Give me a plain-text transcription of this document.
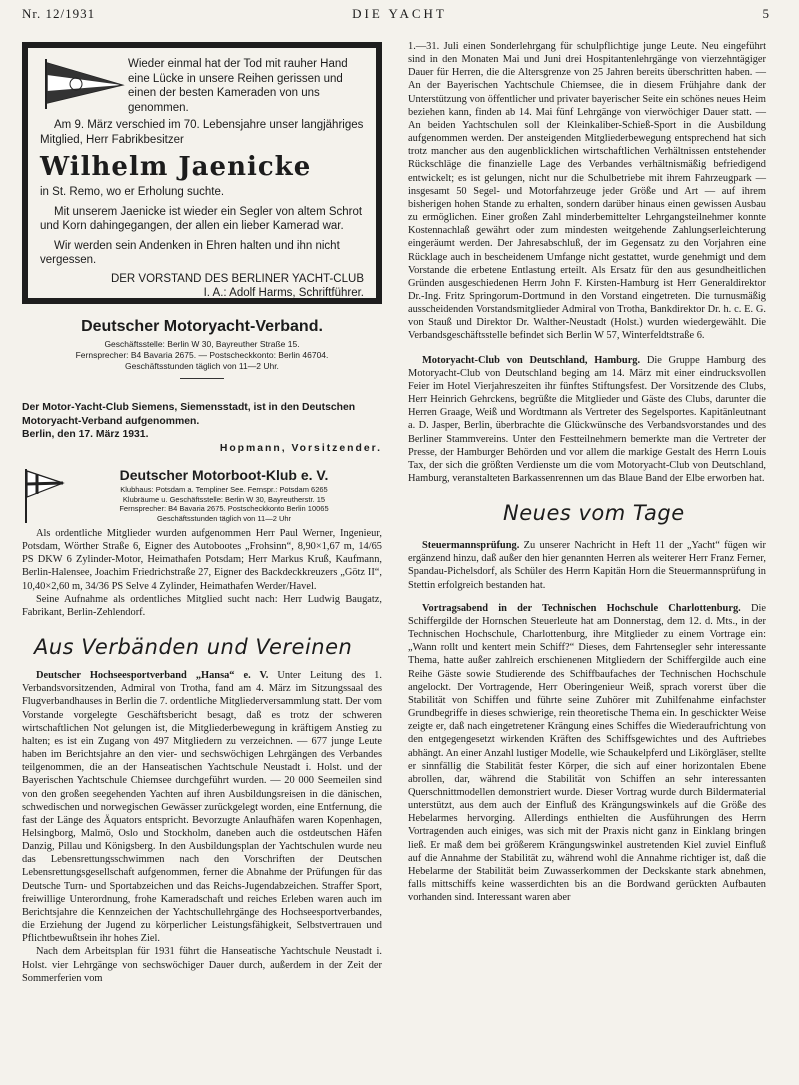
Nr. 12/1931	DIE YACHT	5

Wieder einmal hat der Tod mit rauher Hand eine Lücke in unsere Reihen gerissen und einen der besten Kameraden von uns genommen.

Am 9. März verschied im 70. Lebensjahre unser langjähriges Mitglied, Herr Fabrikbesitzer

Wilhelm Jaenicke

in St. Remo, wo er Erholung suchte.

Mit unserem Jaenicke ist wieder ein Segler von altem Schrot und Korn dahingegangen, der allen ein lieber Kamerad war.

Wir werden sein Andenken in Ehren halten und ihn nicht vergessen.

DER VORSTAND DES BERLINER YACHT-CLUB

I. A.: Adolf Harms, Schriftführer.

Deutscher Motoryacht-Verband.
Geschäftsstelle: Berlin W 30, Bayreuther Straße 15.
Fernsprecher: B4 Bavaria 2675. — Postscheckkonto: Berlin 46704.
Geschäftsstunden täglich von 11—2 Uhr.
Der Motor-Yacht-Club Siemens, Siemensstadt, ist in den Deutschen Motoryacht-Verband aufgenommen.
Berlin, den 17. März 1931.
Hopmann, Vorsitzender.
Deutscher Motorboot-Klub e. V.
Klubhaus: Potsdam a. Templiner See. Fernspr.: Potsdam 6265
Klubräume u. Geschäftsstelle: Berlin W 30, Bayreutherstr. 15
Fernsprecher: B4 Bavaria 2675. Postscheckkonto Berlin 10065
Geschäftsstunden täglich von 11—2 Uhr

Als ordentliche Mitglieder wurden aufgenommen Herr Paul Werner, Ingenieur, Potsdam, Wörther Straße 6, Eigner des Autobootes „Frohsinn“, 8,90×1,67 m, 14/65 PS DKW 6 Zylinder-Motor, Heimathafen Potsdam; Herr Markus Kruß, Kaufmann, Berlin-Halensee, Joachim Friedrichstraße 27, Eigner des Backdeckkreuzers „Götz II“, 10,40×2,60 m, 34/36 PS Selve 4 Zylinder, Heimathafen Werder/Havel.

Seine Aufnahme als ordentliches Mitglied sucht nach: Herr Ludwig Baugatz, Fabrikant, Berlin-Zehlendorf.

Aus Verbänden und Vereinen

Deutscher Hochseesportverband „Hansa“ e. V. Unter Leitung des 1. Verbandsvorsitzenden, Admiral von Trotha, fand am 4. März im Sitzungssaal des Flugverbandhauses in Berlin die 7. ordentliche Mitgliederversammlung statt. Der vom Vorstande vorgelegte Geschäftsbericht besagt, daß es trotz der schweren wirtschaftlichen Not gelungen ist, die Mitgliederbewegung in kräftigem Anstieg zu halten; es ist ein Zugang von 497 Mitgliedern zu verzeichnen. — 677 junge Leute haben im Berichtsjahre an den vier- und sechswöchigen Lehrgängen des Verbandes teilgenommen, die an der Hanseatischen Yachtschule Neustadt i. Holst. und der Bayerischen Yachtschule Chiemsee durchgeführt wurden. — 20 000 Seemeilen sind von den großen seegehenden Yachten auf ihren Ausbildungsreisen in die dänischen, schwedischen und norwegischen Gewässer zurückgelegt worden, eine Entfernung, die fast der Länge des Äquators entspricht. Bevorzugte Anlaufhäfen waren Kopenhagen, Helsingborg, Malmö, Oslo und Stockholm, daneben auch die ostdeutschen Häfen Danzig, Pillau und Königsberg. In den Ausbildungsplan der Yachtschulen wurde neu das Lebensrettungsschwimmen nach den Vorschriften der Deutschen Lebensrettungsgesellschaft aufgenommen, ferner die Abnahme der Prüfungen für das Deutsche Turn- und Sportabzeichen und das Reichs-Jugendabzeichen. Straffer Sport, freiwillige Unterordnung, frohe Kameradschaft und reiches Erleben waren auch im Berichtsjahre die Kennzeichen der Yachtschullehrgänge des Hochseesportverbandes, die Erziehung der Jugend zu körperlicher Leistungsfähigkeit, Selbstvertrauen und Pflichtbewußtsein ihr hohes Ziel.

Nach dem Arbeitsplan für 1931 führt die Hanseatische Yachtschule Neustadt i. Holst. vier Lehrgänge von sechswöchiger Dauer durch, außerdem in der Zeit der Sommerferien vom

1.—31. Juli einen Sonderlehrgang für schulpflichtige junge Leute. Neu eingeführt sind in den Monaten Mai und Juni drei Hospitantenlehrgänge von vierzehntägiger Dauer für Herren, die die Altersgrenze von 25 Jahren bereits überschritten haben. — An der Bayerischen Yachtschule Chiemsee, die in diesem Frühjahre dank der Unterstützung von öffentlicher und privater bayerischer Seite ein schönes neues Heim beziehen kann, finden ab 14. Mai fünf Lehrgänge von vierwöchiger Dauer statt. — An beiden Yachtschulen soll der Kleinkaliber-Schieß-Sport in die Ausbildung aufgenommen werden. Der ansteigenden Mitgliederbewegung entsprechend hat sich trotz mancher aus den augenblicklichen wirtschaftlichen Verhältnissen entstehender Rückschläge die finanzielle Lage des Verbandes verhältnismäßig befriedigend entwickelt; es ist gelungen, nicht nur die Schulbetriebe mit ihrem Fahrzeugpark — insgesamt 50 Segel- und Motorfahrzeuge jeder Größe und Art — auf ihrem bisherigen hohen Stande zu erhalten, sondern darüber hinaus einen gewissen Ausbau zu ermöglichen. Einer großen Zahl minderbemittelter Lehrgangsteilnehmer konnte Kostennachlaß gewährt oder zum mindesten weitgehende Zahlungserleichterung eingeräumt werden. Der Jahresabschluß, der im Gegensatz zu den Vorjahren eine Rücklage auch in bescheidenem Umfange nicht gestattet, wurde genehmigt und dem Vorstande die erbetene Entlastung erteilt. Als Ersatz für den aus gesundheitlichen Gründen ausgeschiedenen Herrn John F. Kirsten-Hamburg ist Herr Generaldirektor Dr.-Ing. Fritz Springorum-Dortmund in den Vorstand eingetreten. Die turnusmäßig ausscheidenden Vorstandsmitglieder Admiral von Trotha, Bankdirektor Dr. h. c. E. G. von Stauß und Direktor Dr. Walther-Neustadt (Holst.) wurden wiedergewählt. Die Verbandsgeschäftsstelle befindet sich Berlin W 57, Winterfeldtstraße 6.

Motoryacht-Club von Deutschland, Hamburg. Die Gruppe Hamburg des Motoryacht-Club von Deutschland beging am 14. März mit einer eindrucksvollen Feier im Hotel Vierjahreszeiten ihr fünftes Stiftungsfest. Der Vorsitzende des Clubs, Herr Heinrich Gehrckens, begrüßte die Mitglieder und Gäste des Clubs, darunter die Herren Graage, Weiß und Wordtmann als Vertreter des Segelsportes. Kapitänleutnant a. D. Jasper, Berlin, überbrachte die Glückwünsche des Verbandsvorstandes und des Berliner Stammvereins. Unter den Festteilnehmern bemerkte man die Vertreter der Presse, der Hamburger Behörden und vor allem die markige Gestalt des Herrn Louis Tax, der sich die größten Verdienste um die vom Motoryacht-Club von Deutschland, Hamburg, veranstalteten Barkassenrennen um das Blaue Band der Elbe erworben hat.

Neues vom Tage

Steuermannsprüfung. Zu unserer Nachricht in Heft 11 der „Yacht“ fügen wir ergänzend hinzu, daß außer den hier genannten Herren als weiterer Herr Franz Ferner, Spandau-Pichelsdorf, als Schüler des Herrn Kapitän Horn die Steuermannsprüfung in Stettin erfolgreich bestanden hat.

Vortragsabend in der Technischen Hochschule Charlottenburg. Die Schiffergilde der Hornschen Steuerleute hat am Donnerstag, dem 12. d. Mts., in der Technischen Hochschule, Charlottenburg, ihre Mitglieder zu einem Vortrage ein: „Wann rollt und kentert mein Schiff?“ Dieses, dem Fahrtensegler sehr interessante Thema, hatte außer zahlreich erschienenen Mitgliedern der Schiffergilde auch eine Reihe Gäste sowie Studierende des Schiffbaufaches der Technischen Hochschule angelockt. Der Vortragende, Herr Oberingenieur Weiß, sprach vorerst über die Stabilität von Schiffen und führte seine Zuhörer mit Zuhilfenahme einfachster Grundbegriffe in dieses schwierige, rein theoretische Thema ein. In geschickter Weise zeigte er, daß nach eingetretener Krängung eines Schiffes die Wiederaufrichtung von den entgegengesetzt wirkenden Kräften des Schiffsgewichtes und des Auftriebes abhängt. An einer Anzahl lustiger Modelle, wie Schaukelpferd und Likörgläser, stellte er sinnfällig die Stabilität fester Körper, die sich auf einer horizontalen Ebene abrollen, dar, während die Stabilität von Schiffen an sehr interessanten Querschnittmodellen demonstriert wurde. Dieser Vortrag wurde durch Bildermaterial unterstützt, aus dem auch der Einfluß des Krängungswinkels auf die Größe des Hebelarmes hervorging. Allerdings enthielten die Ausführungen des Herrn Vortragenden auch einiges, was sich mit der Praxis nicht ganz in Einklang bringen ließ. Er maß dem bei größerem Krängungswinkel austretenden Kiel zuviel Einfluß auf die Annahme der Stabilität zu, während wohl die Annahme richtiger ist, daß die Hebelarme der Stabilität beim Zuwasserkommen der Deckskante stark abnehmen, falls mittschiffs keine wasserdichten bis an die Bordwand gerückten Aufbauten vorhanden sind. Interessant waren aber
